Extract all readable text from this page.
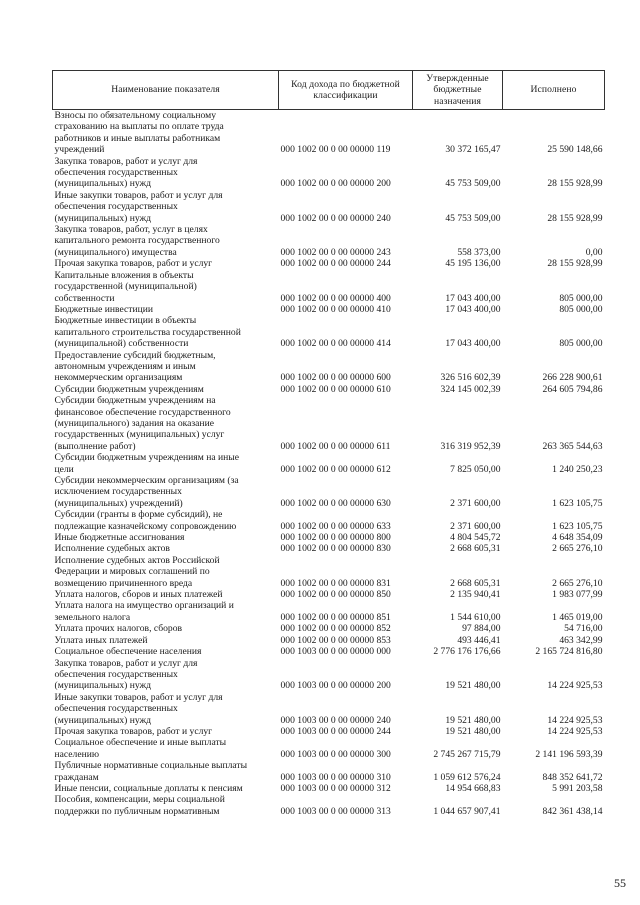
Наименование показателя	Код дохода по бюджетной классификации	Утвержденные бюджетные назначения	Исполнено
Взносы по обязательному социальному
страхованию на выплаты по оплате труда
работников и иные выплаты работникам
учреждений	000 1002 00 0 00 00000 119	30 372 165,47	25 590 148,66
Закупка товаров, работ и услуг для
обеспечения государственных
(муниципальных) нужд	000 1002 00 0 00 00000 200	45 753 509,00	28 155 928,99
Иные закупки товаров, работ и услуг для
обеспечения государственных
(муниципальных) нужд	000 1002 00 0 00 00000 240	45 753 509,00	28 155 928,99
Закупка товаров, работ, услуг в целях
капитального ремонта государственного
(муниципального) имущества	000 1002 00 0 00 00000 243	558 373,00	0,00
Прочая закупка товаров, работ и услуг	000 1002 00 0 00 00000 244	45 195 136,00	28 155 928,99
Капитальные вложения в объекты
государственной (муниципальной)
собственности	000 1002 00 0 00 00000 400	17 043 400,00	805 000,00
Бюджетные инвестиции	000 1002 00 0 00 00000 410	17 043 400,00	805 000,00
Бюджетные инвестиции в объекты
капитального строительства государственной
(муниципальной) собственности	000 1002 00 0 00 00000 414	17 043 400,00	805 000,00
Предоставление субсидий бюджетным,
автономным учреждениям и иным
некоммерческим организациям	000 1002 00 0 00 00000 600	326 516 602,39	266 228 900,61
Субсидии бюджетным учреждениям	000 1002 00 0 00 00000 610	324 145 002,39	264 605 794,86
Субсидии бюджетным учреждениям на
финансовое обеспечение государственного
(муниципального) задания на оказание
государственных (муниципальных) услуг
(выполнение работ)	000 1002 00 0 00 00000 611	316 319 952,39	263 365 544,63
Субсидии бюджетным учреждениям на иные
цели	000 1002 00 0 00 00000 612	7 825 050,00	1 240 250,23
Субсидии некоммерческим организациям (за
исключением государственных
(муниципальных) учреждений)	000 1002 00 0 00 00000 630	2 371 600,00	1 623 105,75
Субсидии (гранты в форме субсидий), не
подлежащие казначейскому сопровождению	000 1002 00 0 00 00000 633	2 371 600,00	1 623 105,75
Иные бюджетные ассигнования	000 1002 00 0 00 00000 800	4 804 545,72	4 648 354,09
Исполнение судебных актов	000 1002 00 0 00 00000 830	2 668 605,31	2 665 276,10
Исполнение судебных актов Российской
Федерации и мировых соглашений по
возмещению причиненного вреда	000 1002 00 0 00 00000 831	2 668 605,31	2 665 276,10
Уплата налогов, сборов и иных платежей	000 1002 00 0 00 00000 850	2 135 940,41	1 983 077,99
Уплата налога на имущество организаций и
земельного налога	000 1002 00 0 00 00000 851	1 544 610,00	1 465 019,00
Уплата прочих налогов, сборов	000 1002 00 0 00 00000 852	97 884,00	54 716,00
Уплата иных платежей	000 1002 00 0 00 00000 853	493 446,41	463 342,99
Социальное обеспечение населения	000 1003 00 0 00 00000 000	2 776 176 176,66	2 165 724 816,80
Закупка товаров, работ и услуг для
обеспечения государственных
(муниципальных) нужд	000 1003 00 0 00 00000 200	19 521 480,00	14 224 925,53
Иные закупки товаров, работ и услуг для
обеспечения государственных
(муниципальных) нужд	000 1003 00 0 00 00000 240	19 521 480,00	14 224 925,53
Прочая закупка товаров, работ и услуг	000 1003 00 0 00 00000 244	19 521 480,00	14 224 925,53
Социальное обеспечение и иные выплаты
населению	000 1003 00 0 00 00000 300	2 745 267 715,79	2 141 196 593,39
Публичные нормативные социальные выплаты
гражданам	000 1003 00 0 00 00000 310	1 059 612 576,24	848 352 641,72
Иные пенсии, социальные доплаты к пенсиям	000 1003 00 0 00 00000 312	14 954 668,83	5 991 203,58
Пособия, компенсации, меры социальной
поддержки по публичным нормативным	000 1003 00 0 00 00000 313	1 044 657 907,41	842 361 438,14
55
